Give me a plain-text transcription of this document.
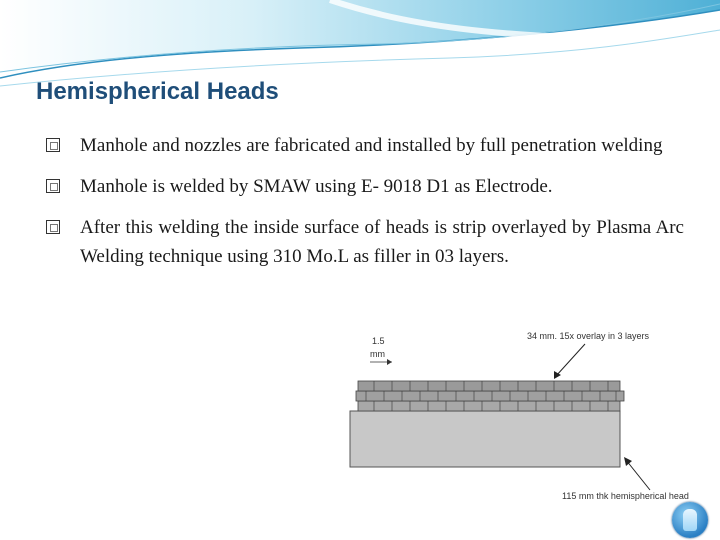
Hemispherical Heads
Manhole and nozzles are fabricated and installed by full penetration welding
Manhole is welded by SMAW using E- 9018 D1 as Electrode.
After this welding the inside surface of heads is strip overlayed by Plasma Arc Welding technique using 310 Mo.L as filler in 03 layers.
1.5
mm
34 mm. 15x overlay in 3 layers
115 mm thk hemispherical head
